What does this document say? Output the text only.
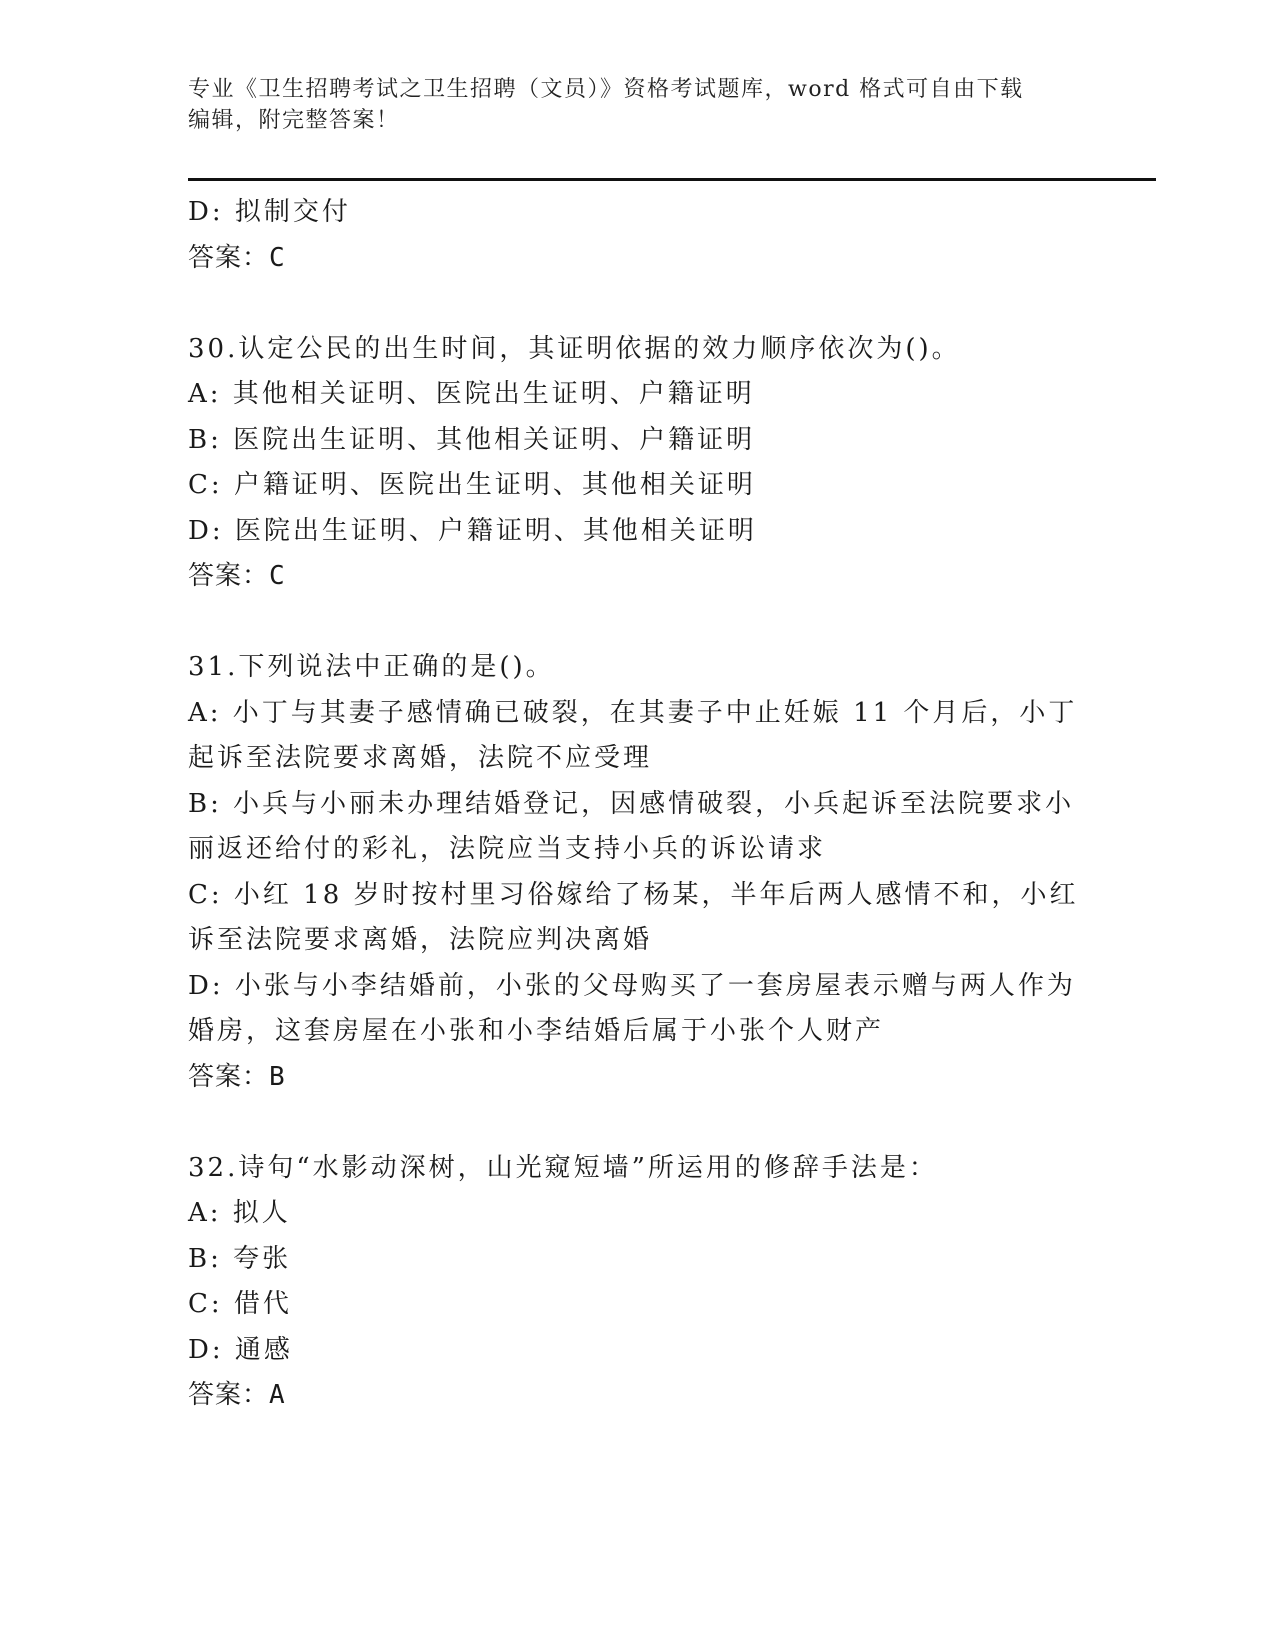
专业《卫生招聘考试之卫生招聘（文员）》资格考试题库，word 格式可自由下载
编辑，附完整答案！
D: 拟制交付
答案：C
30.认定公民的出生时间，其证明依据的效力顺序依次为()。
A: 其他相关证明、医院出生证明、户籍证明
B: 医院出生证明、其他相关证明、户籍证明
C: 户籍证明、医院出生证明、其他相关证明
D: 医院出生证明、户籍证明、其他相关证明
答案：C
31.下列说法中正确的是()。
A: 小丁与其妻子感情确已破裂，在其妻子中止妊娠 11 个月后，小丁
起诉至法院要求离婚，法院不应受理
B: 小兵与小丽未办理结婚登记，因感情破裂，小兵起诉至法院要求小
丽返还给付的彩礼，法院应当支持小兵的诉讼请求
C: 小红 18 岁时按村里习俗嫁给了杨某，半年后两人感情不和，小红
诉至法院要求离婚，法院应判决离婚
D: 小张与小李结婚前，小张的父母购买了一套房屋表示赠与两人作为
婚房，这套房屋在小张和小李结婚后属于小张个人财产
答案：B
32.诗句“水影动深树，山光窥短墙”所运用的修辞手法是：
A: 拟人
B: 夸张
C: 借代
D: 通感
答案：A
